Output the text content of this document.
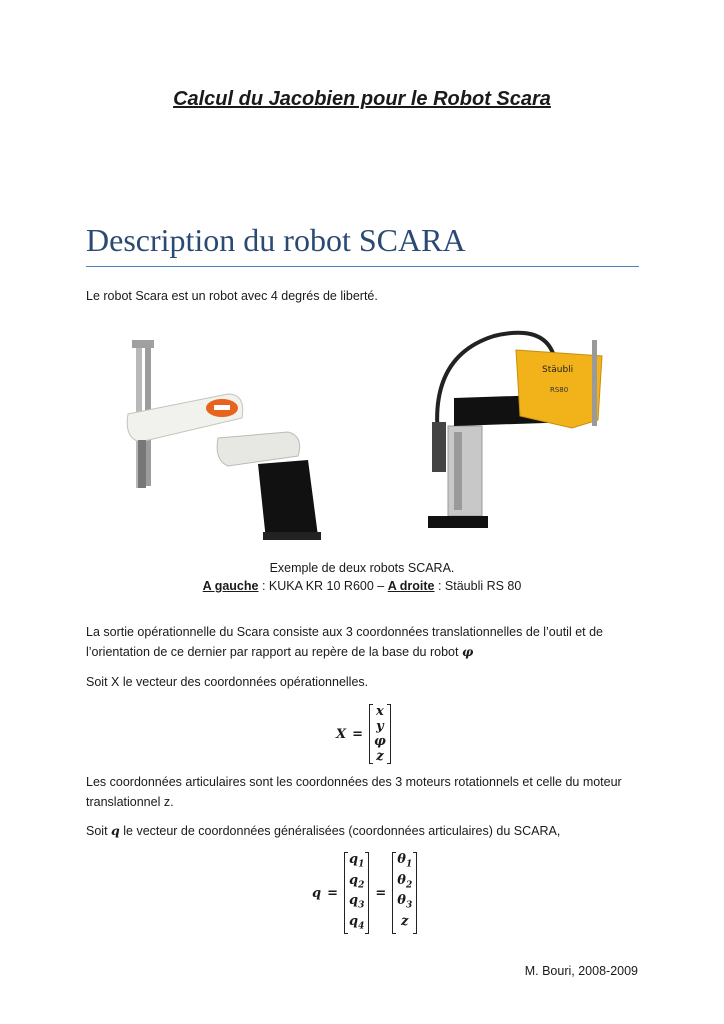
Calcul du Jacobien pour le Robot Scara
Description du robot SCARA
Le robot Scara est un robot avec 4 degrés de liberté.
Stäubli
RS80
Exemple de deux robots SCARA.
A gauche : KUKA KR 10 R600 – A droite : Stäubli RS 80
La sortie opérationnelle du Scara consiste aux 3 coordonnées translationnelles de l’outil et de l’orientation de ce dernier par rapport au repère de la base du robot φ
Soit X le vecteur des coordonnées opérationnelles.
X =
x
y
φ
z
Les coordonnées articulaires sont les coordonnées des 3 moteurs rotationnels et celle du moteur translationnel z.
Soit q le vecteur de coordonnées généralisées (coordonnées articulaires) du SCARA,
q =
$q_1$
$q_2$
$q_3$
$q_4$
=
$\theta_1$
$\theta_2$
$\theta_3$
z
M. Bouri, 2008-2009
